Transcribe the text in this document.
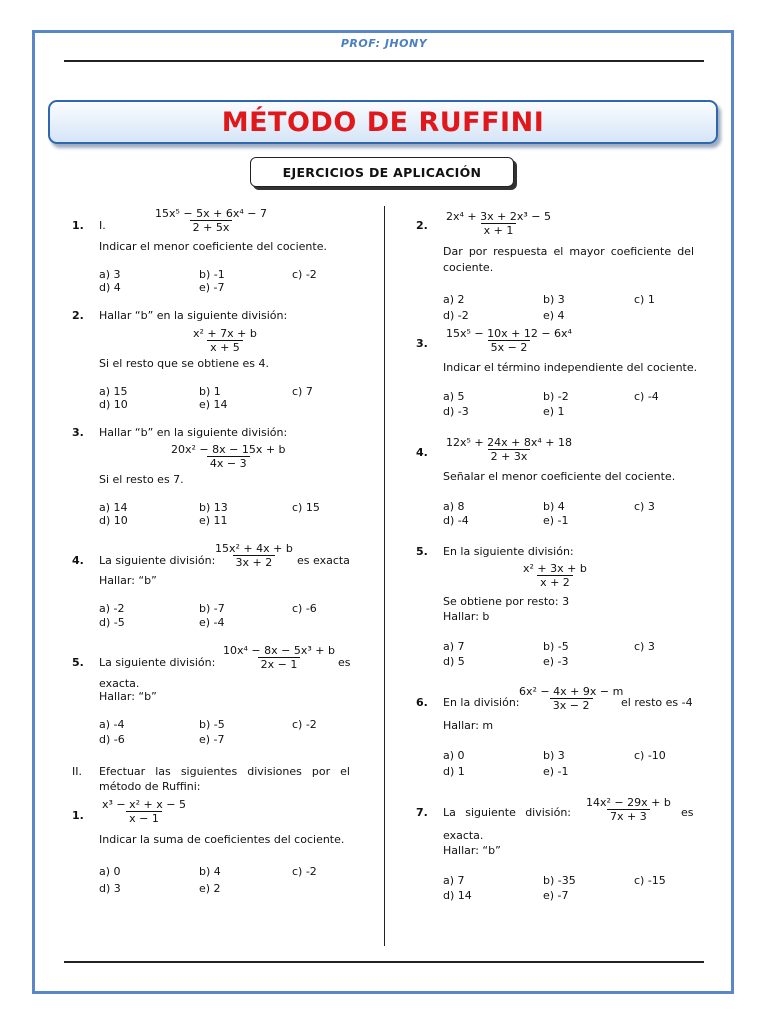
PROF: JHONY
MÉTODO DE RUFFINI
EJERCICIOS DE APLICACIÓN
1. I.	$\frac{\text{15x⁵ − 5x + 6x⁴ − 7}}{2 + 5x}$
Indicar el menor coeficiente del cociente.
a) 3	b) -1	c) -2
d) 4	e) -7
2. Hallar “b” en la siguiente división:
$\frac{\text{x² + 7x + b}}{x + 5}$
Si el resto que se obtiene es 4.
a) 15	b) 1	c) 7
d) 10	e) 14
3. Hallar “b” en la siguiente división:
$\frac{\text{20x² − 8x − 15x + b}}{4x - 3}$
Si el resto es 7.
a) 14	b) 13	c) 15
d) 10	e) 11
4. La siguiente división:
$\frac{\text{15x² + 4x + b}}{3x + 2}$ es exacta
Hallar: “b”
a) -2	b) -7	c) -6
d) -5	e) -4
5. La siguiente división: $\frac{\text{10x⁴ − 8x − 5x³ + b}}{2x - 1}$ es
exacta.
Hallar: “b”
a) -4	b) -5	c) -2
d) -6	e) -7
II. Efectuar las siguientes divisiones por el
método de Ruffini:
1. $\frac{\text{x³ − x² + x − 5}}{x - 1}$
Indicar la suma de coeficientes del cociente.
a) 0	b) 4	c) -2
d) 3	e) 2
2. $\frac{\text{2x⁴ + 3x + 2x³ − 5}}{x + 1}$
Dar por respuesta el mayor coeficiente del
cociente.
a) 2	b) 3	c) 1
d) -2	e) 4
3. $\frac{\text{15x⁵ − 10x + 12 − 6x⁴}}{5x - 2}$
Indicar el término independiente del cociente.
a) 5	b) -2	c) -4
d) -3	e) 1
4. $\frac{\text{12x⁵ + 24x + 8x⁴ + 18}}{2 + 3x}$
Señalar el menor coeficiente del cociente.
a) 8	b) 4	c) 3
d) -4	e) -1
5. En la siguiente división:
$\frac{\text{x² + 3x + b}}{x + 2}$
Se obtiene por resto: 3
Hallar: b
a) 7	b) -5	c) 3
d) 5	e) -3
6. En la división:
$\frac{\text{6x² − 4x + 9x − m}}{3x - 2}$
el resto es -4
Hallar: m
a) 0	b) 3	c) -10
d) 1	e) -1
7. La siguiente división: $\frac{\text{14x² − 29x + b}}{7x + 3}$ es
exacta.
Hallar: “b”
a) 7	b) -35	c) -15
d) 14	e) -7
